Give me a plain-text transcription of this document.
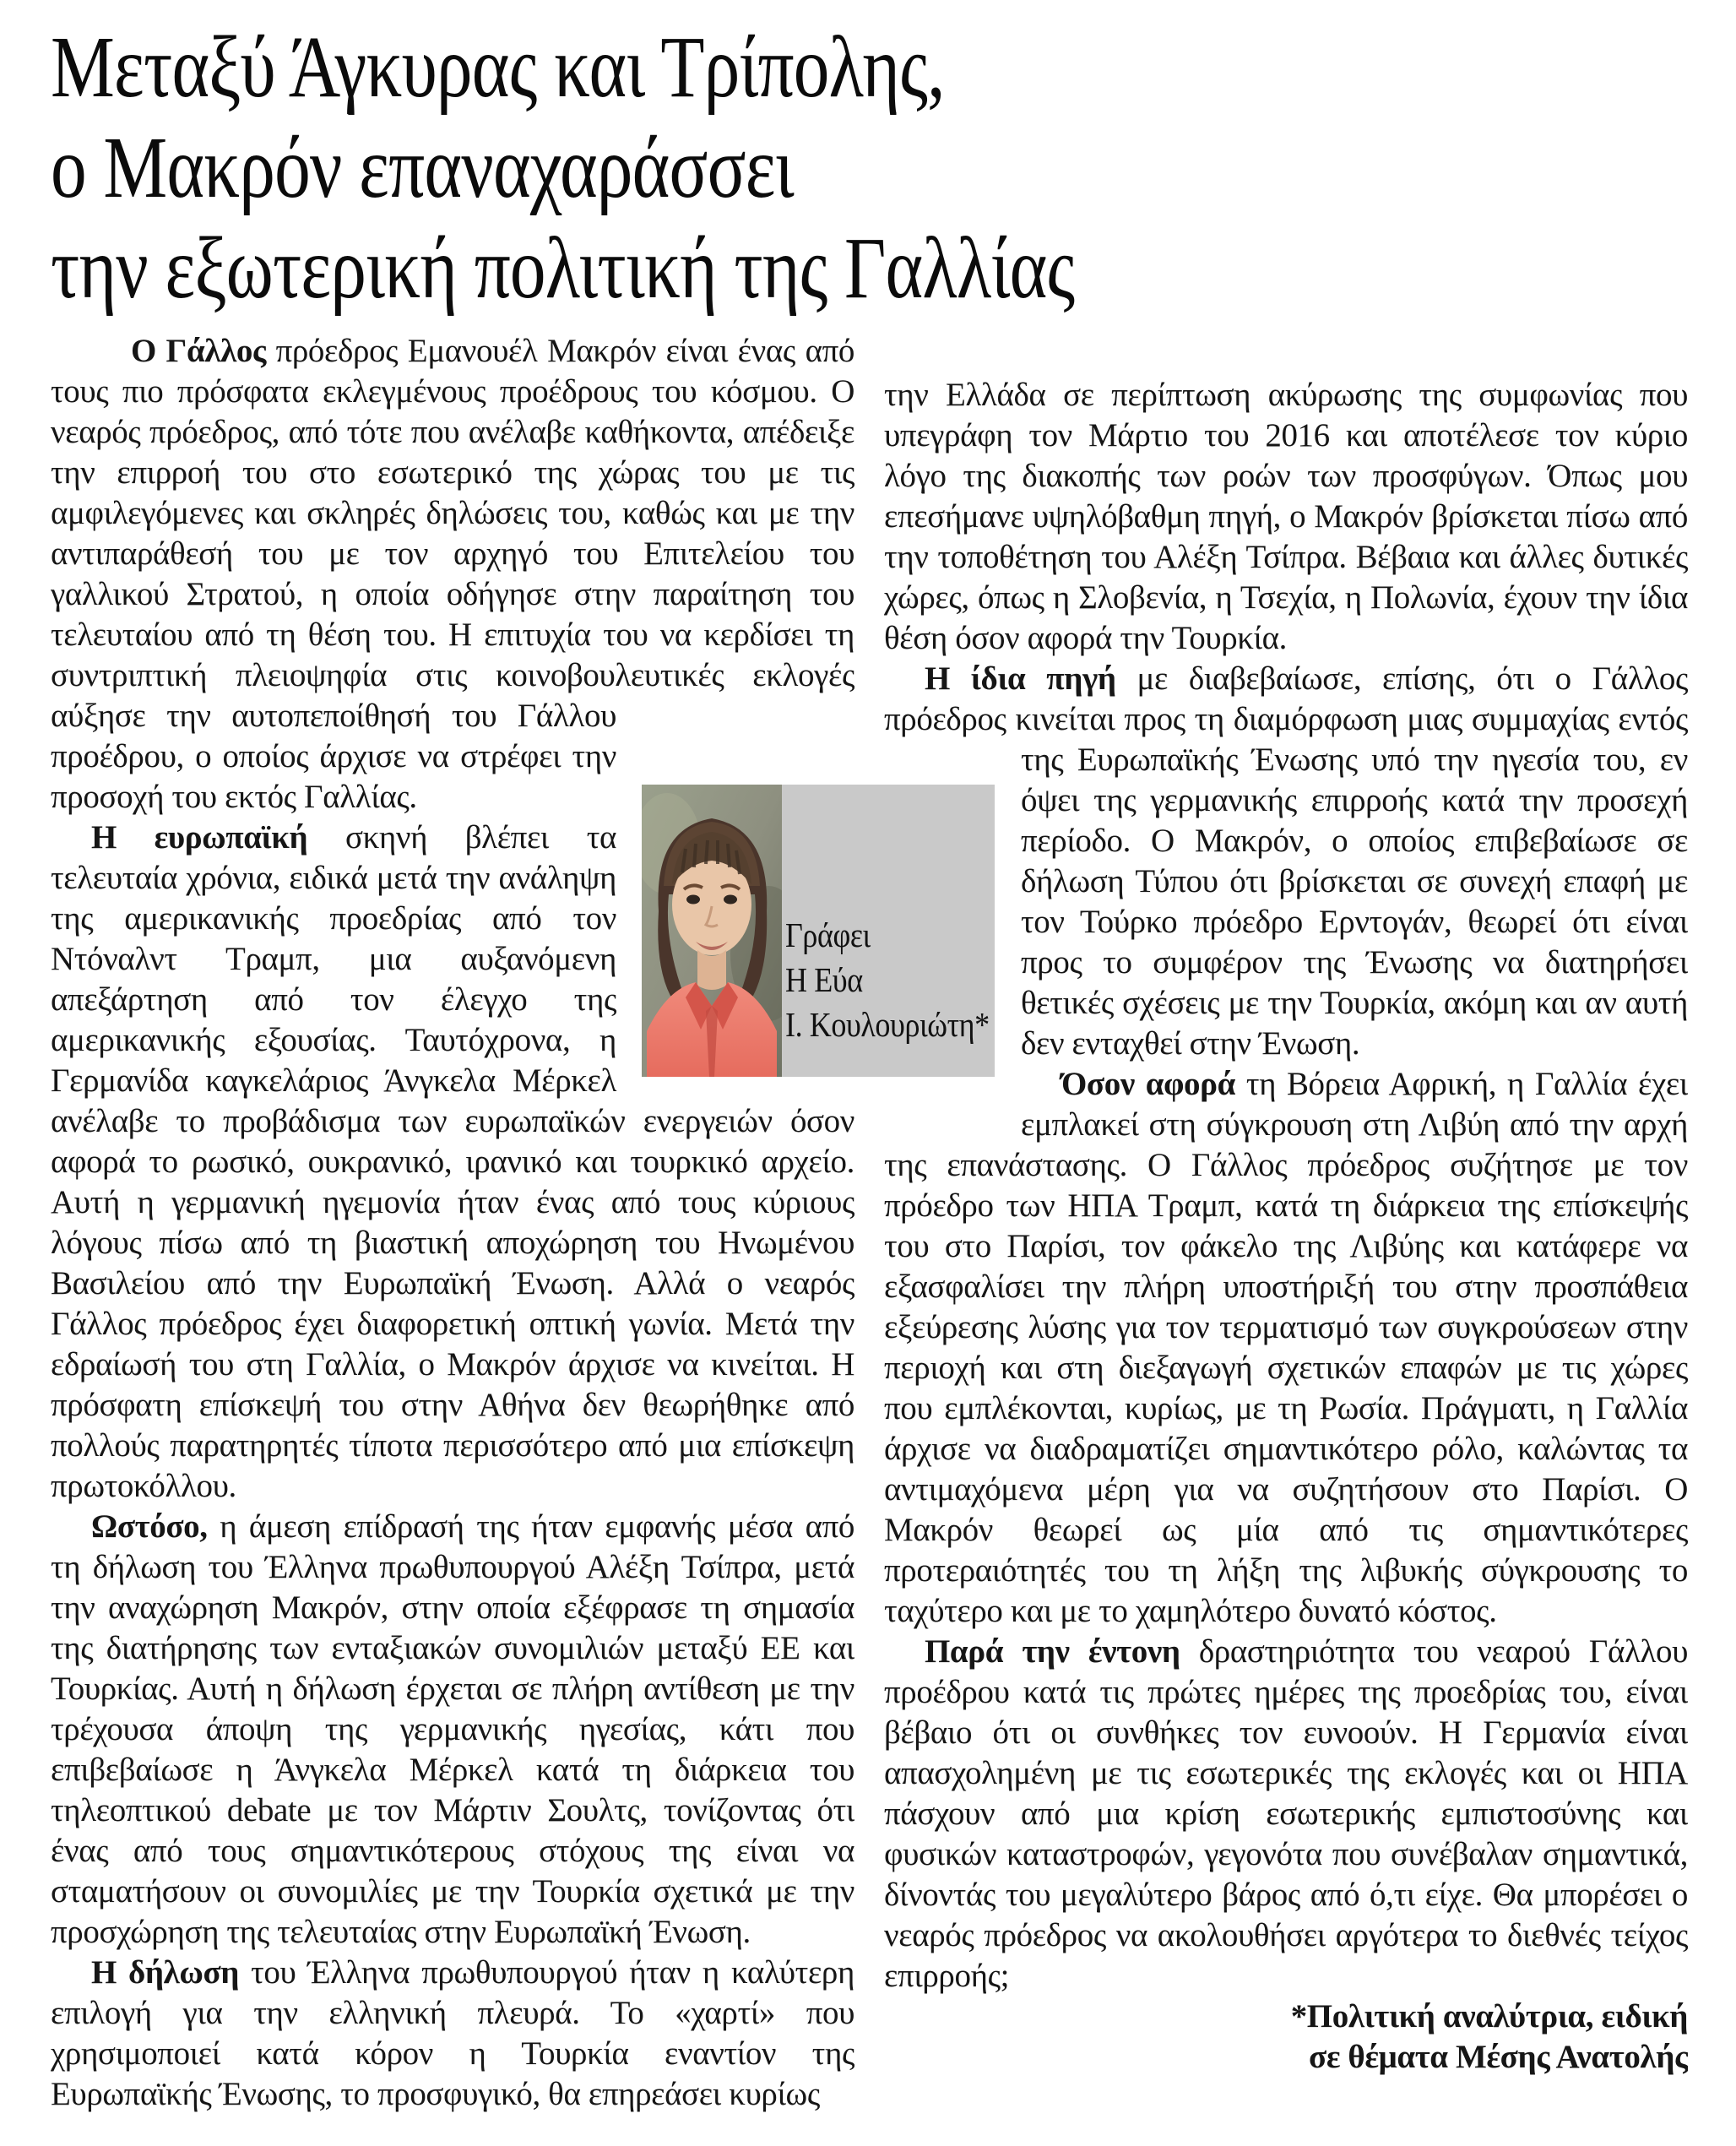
Μεταξύ Άγκυρας και Τρίπολης,
ο Μακρόν επαναχαράσσει
την εξωτερική πολιτική της Γαλλίας

Ο Γάλλος πρόεδρος Εμανουέλ Μακρόν είναι ένας από τους πιο πρόσφατα εκλεγμένους προέδρους του κόσμου. Ο νεαρός πρόεδρος, από τότε που ανέλαβε καθήκοντα, απέδειξε την επιρροή του στο εσωτερικό της χώρας του με τις αμφιλεγόμενες και σκληρές δηλώσεις του, καθώς και με την αντιπαράθεσή του με τον αρχηγό του Επιτελείου του γαλλικού Στρατού, η οποία οδήγησε στην παραίτηση του τελευταίου από τη θέση του. Η επιτυχία του να κερδίσει τη συντριπτική πλειοψηφία στις κοινοβουλευτικές εκλογές αύξησε την αυτοπεποίθησή του Γάλλου
προέδρου, ο οποίος άρχισε να στρέφει την προσοχή του εκτός Γαλλίας.

Η ευρωπαϊκή σκηνή βλέπει τα τελευταία χρόνια, ειδικά μετά την ανάληψη της αμερικανικής προεδρίας από τον Ντόναλντ Τραμπ, μια αυξανόμενη απεξάρτηση από τον έλεγχο της αμερικανικής εξουσίας. Ταυτόχρονα, η Γερμανίδα καγκελάριος Άνγκελα Μέρκελ ανέλαβε το προβάδισμα των ευρωπαϊκών ενεργειών όσον αφορά το ρωσικό, ουκρανικό, ιρανικό και τουρκικό αρχείο. Αυτή η γερμανική ηγεμονία ήταν ένας από τους κύριους λόγους πίσω από τη βιαστική αποχώρηση του Ηνωμένου Βασιλείου από την Ευρωπαϊκή Ένωση. Αλλά ο νεαρός Γάλλος πρόεδρος έχει διαφορετική οπτική γωνία. Μετά την εδραίωσή του στη Γαλλία, ο Μακρόν άρχισε να κινείται. Η πρόσφατη επίσκεψή του στην Αθήνα δεν θεωρήθηκε από πολλούς παρατηρητές τίποτα περισσότερο από μια επίσκεψη πρωτοκόλλου.

Ωστόσο, η άμεση επίδρασή της ήταν εμφανής μέσα από τη δήλωση του Έλληνα πρωθυπουργού Αλέξη Τσίπρα, μετά την αναχώρηση Μακρόν, στην οποία εξέφρασε τη σημασία της διατήρησης των ενταξιακών συνομιλιών μεταξύ ΕΕ και Τουρκίας. Αυτή η δήλωση έρχεται σε πλήρη αντίθεση με την τρέχουσα άποψη της γερμανικής ηγεσίας, κάτι που επιβεβαίωσε η Άνγκελα Μέρκελ κατά τη διάρκεια του τηλεοπτικού debate με τον Μάρτιν Σουλτς, τονίζοντας ότι ένας από τους σημαντικότερους στόχους της είναι να σταματήσουν οι συνομιλίες με την Τουρκία σχετικά με την προσχώρηση της τελευταίας στην Ευρωπαϊκή Ένωση.

Η δήλωση του Έλληνα πρωθυπουργού ήταν η καλύτερη επιλογή για την ελληνική πλευρά. Το «χαρτί» που χρησιμοποιεί κατά κόρον η Τουρκία εναντίον της Ευρωπαϊκής Ένωσης, το προσφυγικό, θα επηρεάσει κυρίως

την Ελλάδα σε περίπτωση ακύρωσης της συμφωνίας που υπεγράφη τον Μάρτιο του 2016 και αποτέλεσε τον κύριο λόγο της διακοπής των ροών των προσφύγων. Όπως μου επεσήμανε υψηλόβαθμη πηγή, ο Μακρόν βρίσκεται πίσω από την τοποθέτηση του Αλέξη Τσίπρα. Βέβαια και άλλες δυτικές χώρες, όπως η Σλοβενία, η Τσεχία, η Πολωνία, έχουν την ίδια θέση όσον αφορά την Τουρκία.

Η ίδια πηγή με διαβεβαίωσε, επίσης, ότι ο Γάλλος πρόεδρος κινείται προς τη διαμόρφωση μιας συμμαχίας εντός της Ευρωπαϊκής Ένωσης υπό την ηγεσία του, εν
όψει της γερμανικής επιρροής κατά την προσεχή περίοδο. Ο Μακρόν, ο οποίος επιβεβαίωσε σε δήλωση Τύπου ότι βρίσκεται σε συνεχή επαφή με τον Τούρκο πρόεδρο Ερντογάν, θεωρεί ότι είναι προς το συμφέρον της Ένωσης να διατηρήσει θετικές σχέσεις με την Τουρκία, ακόμη και αν αυτή δεν ενταχθεί στην Ένωση.

Όσον αφορά τη Βόρεια Αφρική, η Γαλλία έχει εμπλακεί στη σύγκρουση στη Λιβύη από την αρχή της επανάστασης. Ο Γάλλος πρόεδρος συζήτησε με τον πρόεδρο των ΗΠΑ Τραμπ, κατά τη διάρκεια της επίσκεψής του στο Παρίσι, τον φάκελο της Λιβύης και κατάφερε να εξασφαλίσει την πλήρη υποστήριξή του στην προσπάθεια εξεύρεσης λύσης για τον τερματισμό των συγκρούσεων στην περιοχή και στη διεξαγωγή σχετικών επαφών με τις χώρες που εμπλέκονται, κυρίως, με τη Ρωσία. Πράγματι, η Γαλλία άρχισε να διαδραματίζει σημαντικότερο ρόλο, καλώντας τα αντιμαχόμενα μέρη για να συζητήσουν στο Παρίσι. Ο Μακρόν θεωρεί ως μία από τις σημαντικότερες προτεραιότητές του τη λήξη της λιβυκής σύγκρουσης το ταχύτερο και με το χαμηλότερο δυνατό κόστος.

Παρά την έντονη δραστηριότητα του νεαρού Γάλλου προέδρου κατά τις πρώτες ημέρες της προεδρίας του, είναι βέβαιο ότι οι συνθήκες τον ευνοούν. Η Γερμανία είναι απασχολημένη με τις εσωτερικές της εκλογές και οι ΗΠΑ πάσχουν από μια κρίση εσωτερικής εμπιστοσύνης και φυσικών καταστροφών, γεγονότα που συνέβαλαν σημαντικά, δίνοντάς του μεγαλύτερο βάρος από ό,τι είχε. Θα μπορέσει ο νεαρός πρόεδρος να ακολουθήσει αργότερα το διεθνές τείχος επιρροής;

*Πολιτική αναλύτρια, ειδική
σε θέματα Μέσης Ανατολής
Γράφει
Η Εύα
Ι. Κουλουριώτη*
